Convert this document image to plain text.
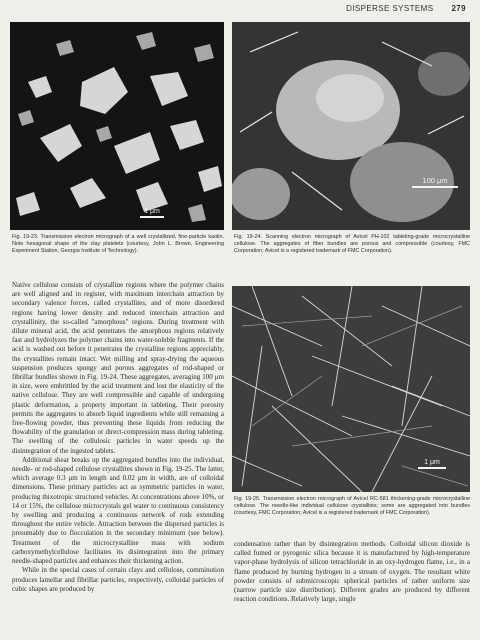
DISPERSE SYSTEMS 279
1 μm
100 μm
1 μm
Fig. 19-23. Transmission electron micrograph of a well crystallized, fine-particle kaolin. Note hexagonal shape of the clay platelets (courtesy, John L. Brown, Engineering Experiment Station, Georgia Institute of Technology).
Fig. 19-24. Scanning electron micrograph of Avicel PH-102 tableting-grade microcrystalline cellulose. The aggregates of fiber bundles are porous and compressible (courtesy, FMC Corporation; Avicel is a registered trademark of FMC Corporation).
Fig. 19-25. Transmission electron micrograph of Avicel RC-581 thickening-grade microcrystalline cellulose. The needle-like individual cellulose crystallites; some are aggregated into bundles (courtesy, FMC Corporation; Avicel is a registered trademark of FMC Corporation).

Native cellulose consists of crystalline regions where the polymer chains are well aligned and in register, with maximum interchain attraction by secondary valence forces, called crystallites, and of more disordered regions having lower density and reduced interchain attraction and crystallinity, the so-called "amorphous" regions. During treatment with dilute mineral acid, the acid penetrates the amorphous regions relatively fast and hydrolyzes the polymer chains into water-soluble fragments. If the acid is washed out before it penetrates the crystalline regions appreciably, the crystallites remain intact. Wet milling and spray-drying the aqueous suspension produces spongy and porous aggregates of rod-shaped or fibrillar bundles shown in Fig. 19-24. These aggregates, averaging 100 μm in size, were embrittled by the acid treatment and lost the elasticity of the native cellulose. They are well compressible and capable of undergoing plastic deformation, a property important in tableting. Their porosity permits the aggregates to absorb liquid ingredients while still remaining a free-flowing powder, thus preventing these liquids from reducing the flowability of the granulation or direct-compression mass during tableting. The swelling of the cellulosic particles in water speeds up the disintegration of the ingested tablets.

Additional shear breaks up the aggregated bundles into the individual, needle- or rod-shaped cellulose crystallites shown in Fig. 19-25. The latter, which average 0.3 μm in length and 0.02 μm in width, are of colloidal dimensions. These primary particles act as symmetric particles in water, producing thixotropic structured vehicles. At concentrations above 10%, or 14 or 15%, the cellulose microcrystals gel water to continuous consistency by swelling and producing a continuous network of rods extending throughout the entire vehicle. Attraction between the dispersed particles is presumably due to flocculation in the secondary minimum (see below). Treatment of the microcrystalline mass with sodium carboxymethylcellulose facilitates its disintegration into the primary needle-shaped particles and enhances their thickening action.

While in the special cases of certain clays and cellulose, comminution produces lamellar and fibrillar particles, respectively, colloidal particles of cubic shapes are produced by

condensation rather than by disintegration methods. Colloidal silicon dioxide is called fumed or pyrogenic silica because it is manufactured by high-temperature vapor-phase hydrolysis of silicon tetrachloride in an oxy-hydrogen flame, i.e., in a flame produced by burning hydrogen in a stream of oxygen. The resultant white powder consists of submicroscopic spherical particles of rather uniform size (narrow particle size distribution). Different grades are produced by different reaction conditions. Relatively large, single
